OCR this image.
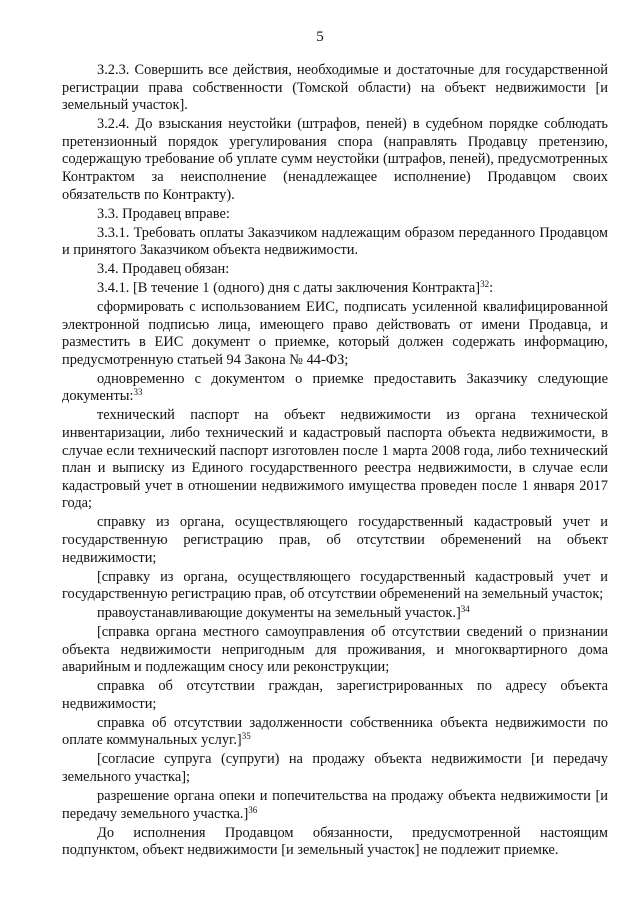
5

3.2.3. Совершить все действия, необходимые и достаточные для государственной регистрации права собственности (Томской области) на объект недвижимости [и земельный участок].

3.2.4. До взыскания неустойки (штрафов, пеней) в судебном порядке соблюдать претензионный порядок урегулирования спора (направлять Продавцу претензию, содержащую требование об уплате сумм неустойки (штрафов, пеней), предусмотренных Контрактом за неисполнение (ненадлежащее исполнение) Продавцом своих обязательств по Контракту).

3.3. Продавец вправе:

3.3.1. Требовать оплаты Заказчиком надлежащим образом переданного Продавцом и принятого Заказчиком объекта недвижимости.

3.4. Продавец обязан:

3.4.1. [В течение 1 (одного) дня с даты заключения Контракта]$^{32}$:

сформировать с использованием ЕИС, подписать усиленной квалифицированной электронной подписью лица, имеющего право действовать от имени Продавца, и разместить в ЕИС документ о приемке, который должен содержать информацию, предусмотренную статьей 94 Закона № 44-ФЗ;

одновременно с документом о приемке предоставить Заказчику следующие документы:$^{33}$

технический паспорт на объект недвижимости из органа технической инвентаризации, либо технический и кадастровый паспорта объекта недвижимости, в случае если технический паспорт изготовлен после 1 марта 2008 года, либо технический план и выписку из Единого государственного реестра недвижимости, в случае если кадастровый учет в отношении недвижимого имущества проведен после 1 января 2017 года;

справку из органа, осуществляющего государственный кадастровый учет и государственную регистрацию прав, об отсутствии обременений на объект недвижимости;

[справку из органа, осуществляющего государственный кадастровый учет и государственную регистрацию прав, об отсутствии обременений на земельный участок;

правоустанавливающие документы на земельный участок.]$^{34}$

[справка органа местного самоуправления об отсутствии сведений о признании объекта недвижимости непригодным для проживания, и многоквартирного дома аварийным и подлежащим сносу или реконструкции;

справка об отсутствии граждан, зарегистрированных по адресу объекта недвижимости;

справка об отсутствии задолженности собственника объекта недвижимости по оплате коммунальных услуг.]$^{35}$

[согласие супруга (супруги) на продажу объекта недвижимости [и передачу земельного участка];

разрешение органа опеки и попечительства на продажу объекта недвижимости [и передачу земельного участка.]$^{36}$

До исполнения Продавцом обязанности, предусмотренной настоящим подпунктом, объект недвижимости [и земельный участок] не подлежит приемке.
